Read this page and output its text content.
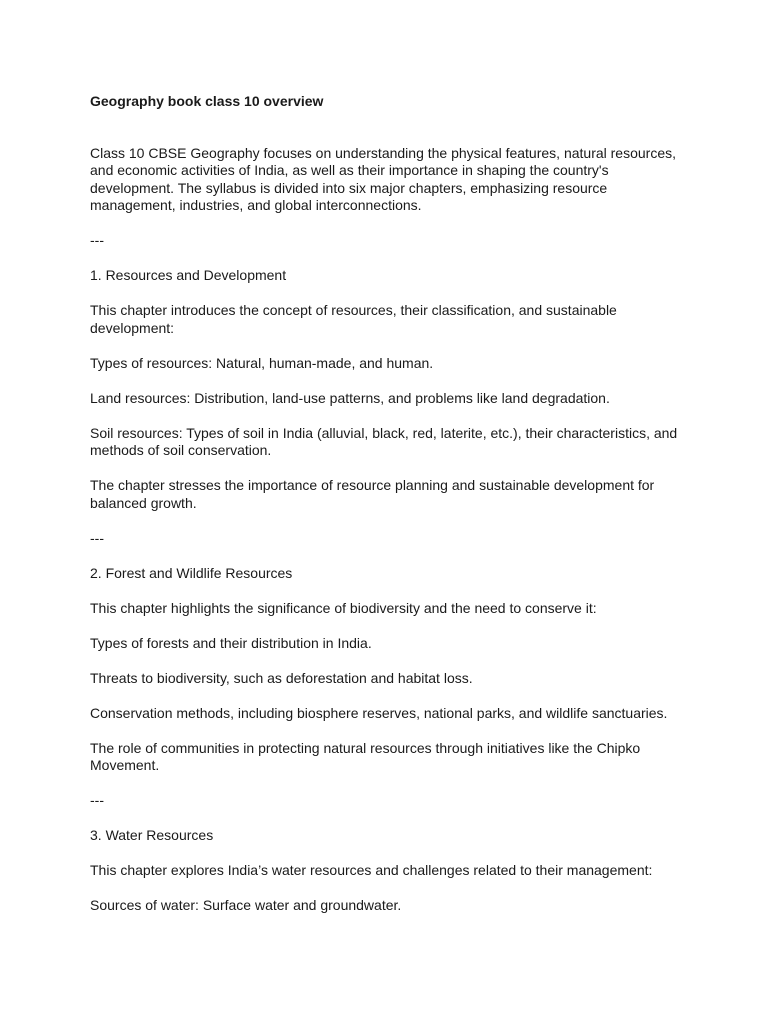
Geography book class 10 overview
Class 10 CBSE Geography focuses on understanding the physical features, natural resources, and economic activities of India, as well as their importance in shaping the country's development. The syllabus is divided into six major chapters, emphasizing resource management, industries, and global interconnections.
---
1. Resources and Development
This chapter introduces the concept of resources, their classification, and sustainable development:
Types of resources: Natural, human-made, and human.
Land resources: Distribution, land-use patterns, and problems like land degradation.
Soil resources: Types of soil in India (alluvial, black, red, laterite, etc.), their characteristics, and methods of soil conservation.
The chapter stresses the importance of resource planning and sustainable development for balanced growth.
---
2. Forest and Wildlife Resources
This chapter highlights the significance of biodiversity and the need to conserve it:
Types of forests and their distribution in India.
Threats to biodiversity, such as deforestation and habitat loss.
Conservation methods, including biosphere reserves, national parks, and wildlife sanctuaries.
The role of communities in protecting natural resources through initiatives like the Chipko Movement.
---
3. Water Resources
This chapter explores India’s water resources and challenges related to their management:
Sources of water: Surface water and groundwater.
